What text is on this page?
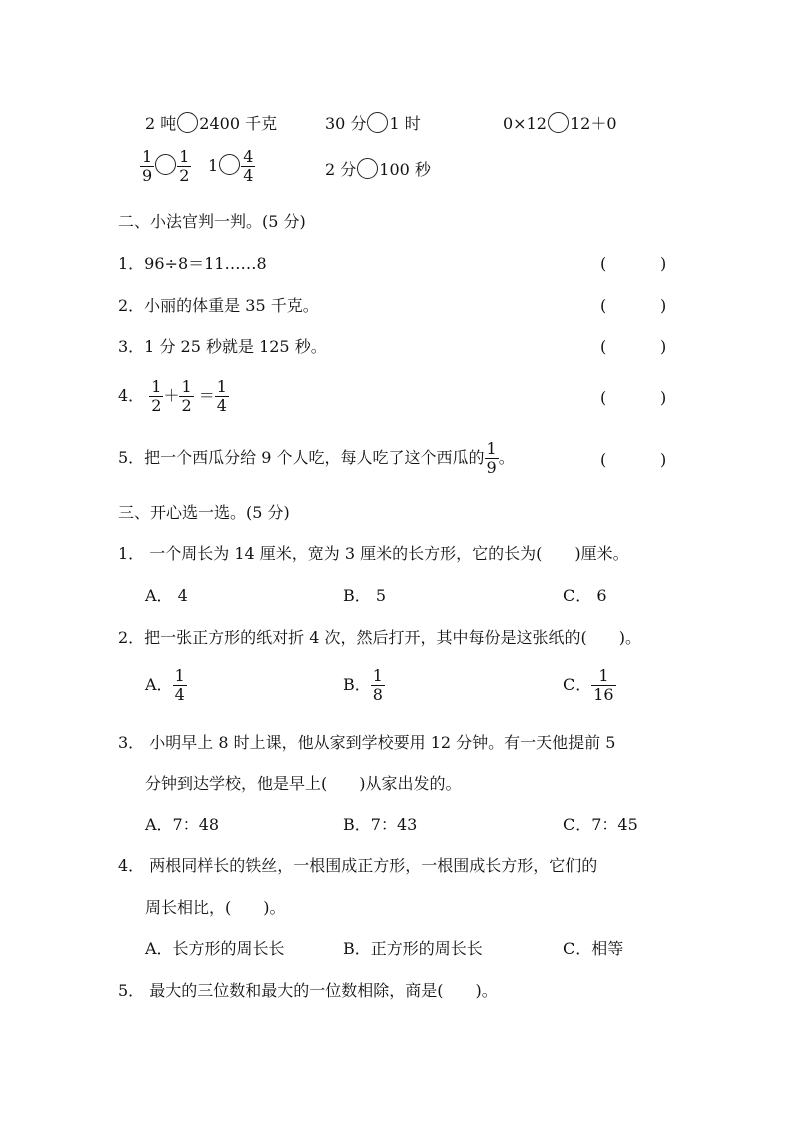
2 吨 2400 千克	30 分 1 时	0×12 12＋0
$\frac{1}{9} \frac{1}{2} 1 \frac{4}{4}$	2 分 100 秒
二、小法官判一判。(5 分)
1．96÷8＝11……8	(	)
2．小丽的体重是 35 千克。	(	)
3．1 分 25 秒就是 125 秒。	(	)
4． $\frac{1}{2} + \frac{1}{2} = \frac{1}{4}$	(	)
5．把一个西瓜分给 9 个人吃，每人吃了这个西瓜的 $\frac{1}{9}$ 。	(	)
三、开心选一选。(5 分)
1． 一个周长为 14 厘米，宽为 3 厘米的长方形，它的长为(　　)厘米。
A． 4	B． 5	C． 6
2．把一张正方形的纸对折 4 次，然后打开，其中每份是这张纸的(　　)。
A． $\frac{1}{4}$	B． $\frac{1}{8}$	C． $\frac{1}{16}$
3． 小明早上 8 时上课，他从家到学校要用 12 分钟。有一天他提前 5
分钟到达学校，他是早上(　　)从家出发的。
A．7：48	B．7：43	C．7：45
4． 两根同样长的铁丝，一根围成正方形，一根围成长方形，它们的
周长相比，(　　)。
A．长方形的周长长	B．正方形的周长长	C．相等
5． 最大的三位数和最大的一位数相除，商是(　　)。
